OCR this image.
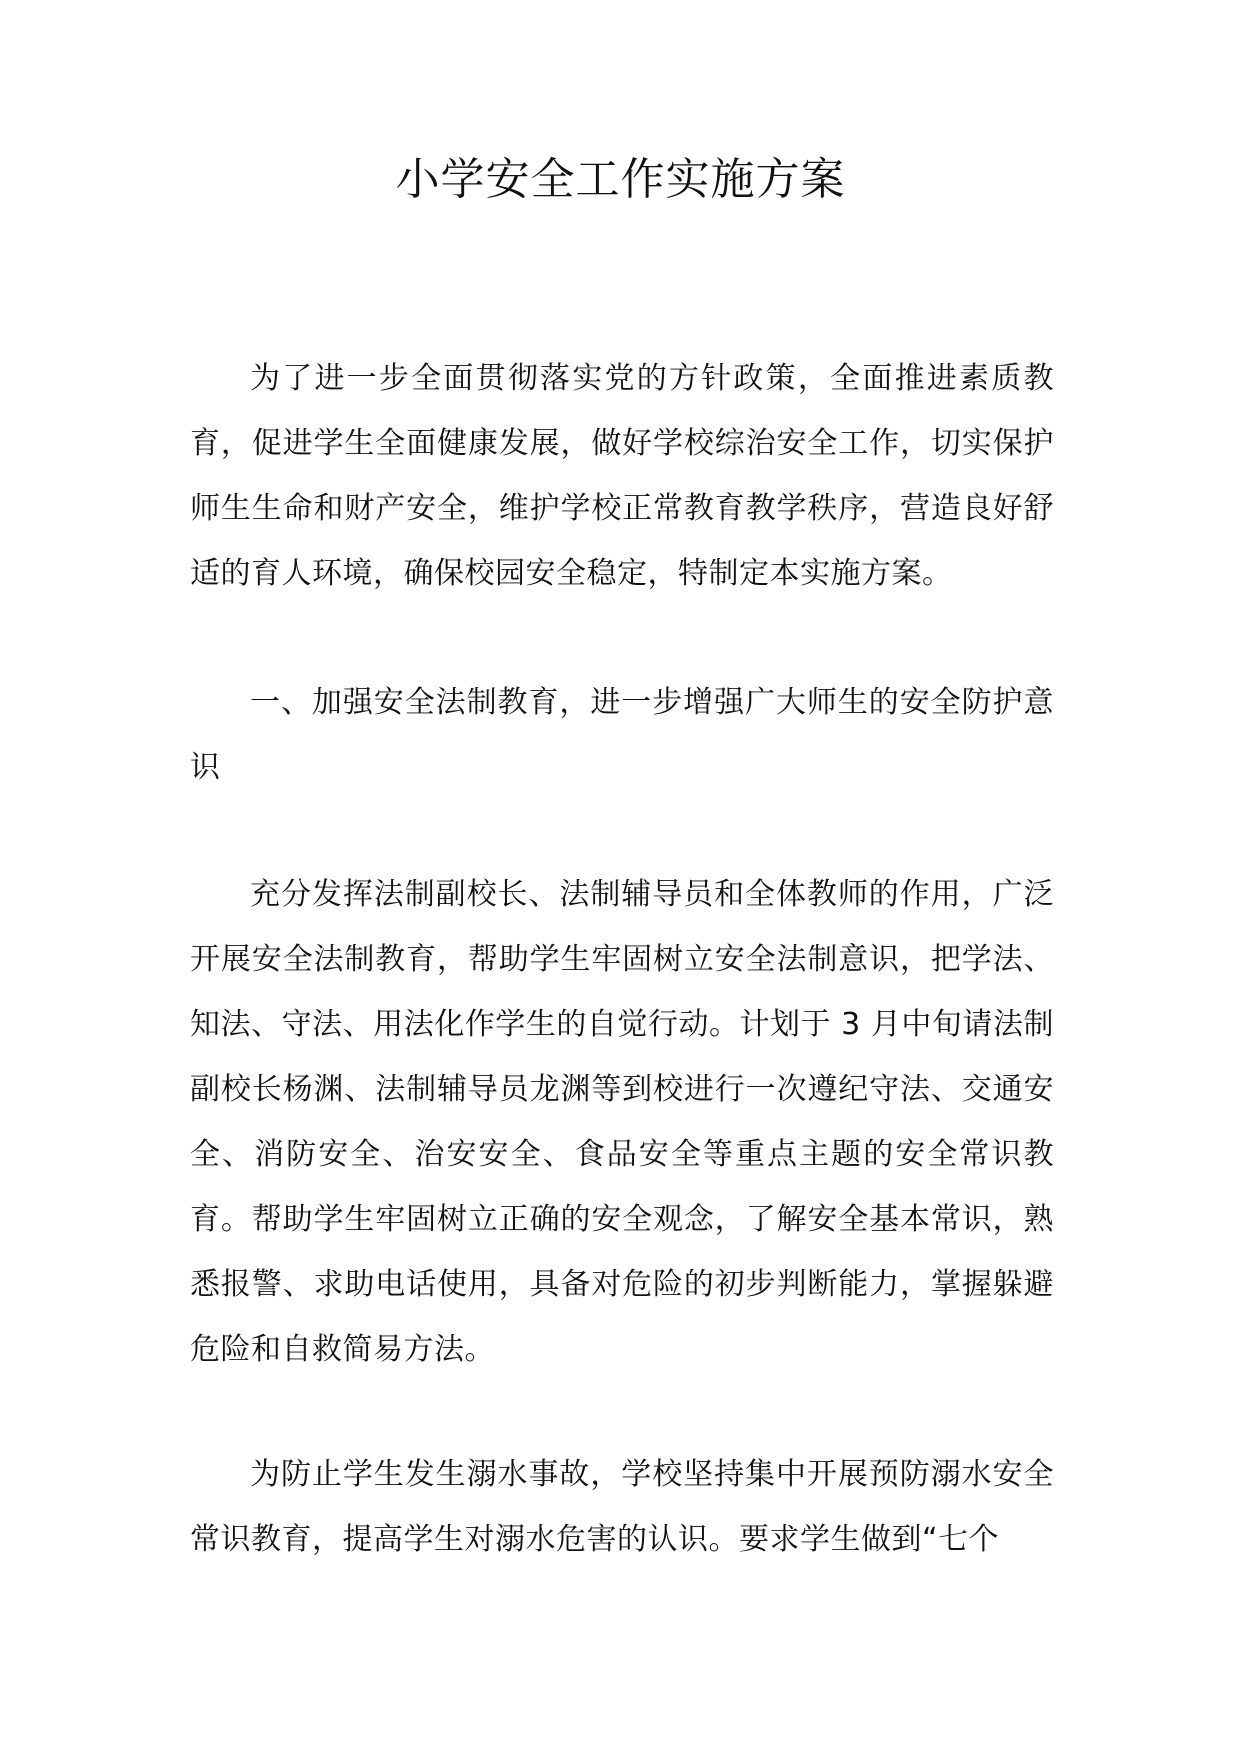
小学安全工作实施方案

为了进一步全面贯彻落实党的方针政策，全面推进素质教育，促进学生全面健康发展，做好学校综治安全工作，切实保护师生生命和财产安全，维护学校正常教育教学秩序，营造良好舒适的育人环境，确保校园安全稳定，特制定本实施方案。

一、加强安全法制教育，进一步增强广大师生的安全防护意识

充分发挥法制副校长、法制辅导员和全体教师的作用，广泛开展安全法制教育，帮助学生牢固树立安全法制意识，把学法、知法、守法、用法化作学生的自觉行动。计划于 3 月中旬请法制副校长杨渊、法制辅导员龙渊等到校进行一次遵纪守法、交通安全、消防安全、治安安全、食品安全等重点主题的安全常识教育。帮助学生牢固树立正确的安全观念，了解安全基本常识，熟悉报警、求助电话使用，具备对危险的初步判断能力，掌握躲避危险和自救简易方法。

为防止学生发生溺水事故，学校坚持集中开展预防溺水安全常识教育，提高学生对溺水危害的认识。要求学生做到“七个
